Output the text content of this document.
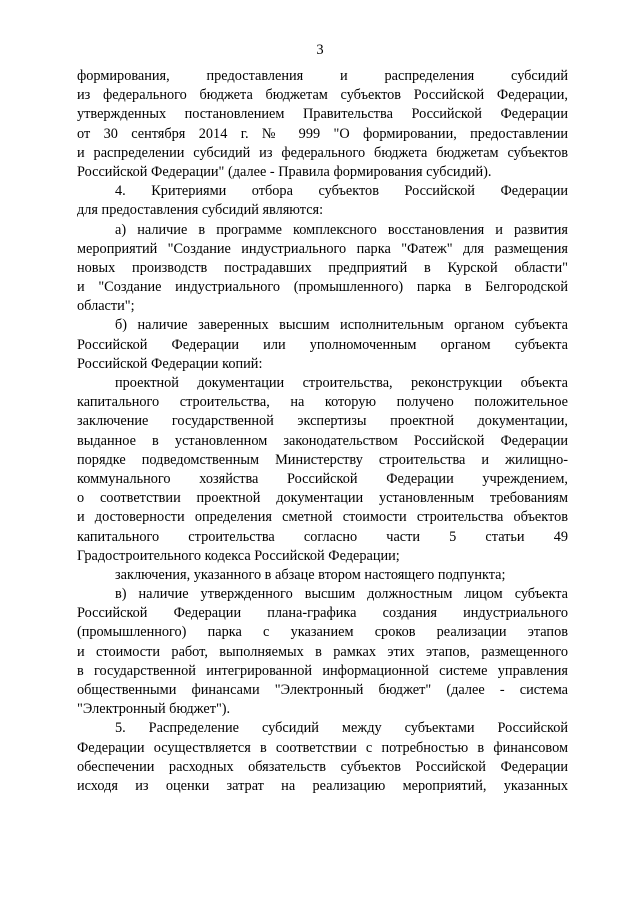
3
формирования, предоставления и распределения субсидий
из федерального бюджета бюджетам субъектов Российской Федерации,
утвержденных постановлением Правительства Российской Федерации
от 30 сентября 2014 г. № 999 "О формировании, предоставлении
и распределении субсидий из федерального бюджета бюджетам субъектов
Российской Федерации" (далее - Правила формирования субсидий).
4. Критериями отбора субъектов Российской Федерации
для предоставления субсидий являются:
а) наличие в программе комплексного восстановления и развития
мероприятий "Создание индустриального парка "Фатеж" для размещения
новых производств пострадавших предприятий в Курской области"
и "Создание индустриального (промышленного) парка в Белгородской
области";
б) наличие заверенных высшим исполнительным органом субъекта
Российской Федерации или уполномоченным органом субъекта
Российской Федерации копий:
проектной документации строительства, реконструкции объекта
капитального строительства, на которую получено положительное
заключение государственной экспертизы проектной документации,
выданное в установленном законодательством Российской Федерации
порядке подведомственным Министерству строительства и жилищно-
коммунального хозяйства Российской Федерации учреждением,
о соответствии проектной документации установленным требованиям
и достоверности определения сметной стоимости строительства объектов
капитального строительства согласно части 5 статьи 49
Градостроительного кодекса Российской Федерации;
заключения, указанного в абзаце втором настоящего подпункта;
в) наличие утвержденного высшим должностным лицом субъекта
Российской Федерации плана-графика создания индустриального
(промышленного) парка с указанием сроков реализации этапов
и стоимости работ, выполняемых в рамках этих этапов, размещенного
в государственной интегрированной информационной системе управления
общественными финансами "Электронный бюджет" (далее - система
"Электронный бюджет").
5. Распределение субсидий между субъектами Российской
Федерации осуществляется в соответствии с потребностью в финансовом
обеспечении расходных обязательств субъектов Российской Федерации
исходя из оценки затрат на реализацию мероприятий, указанных
